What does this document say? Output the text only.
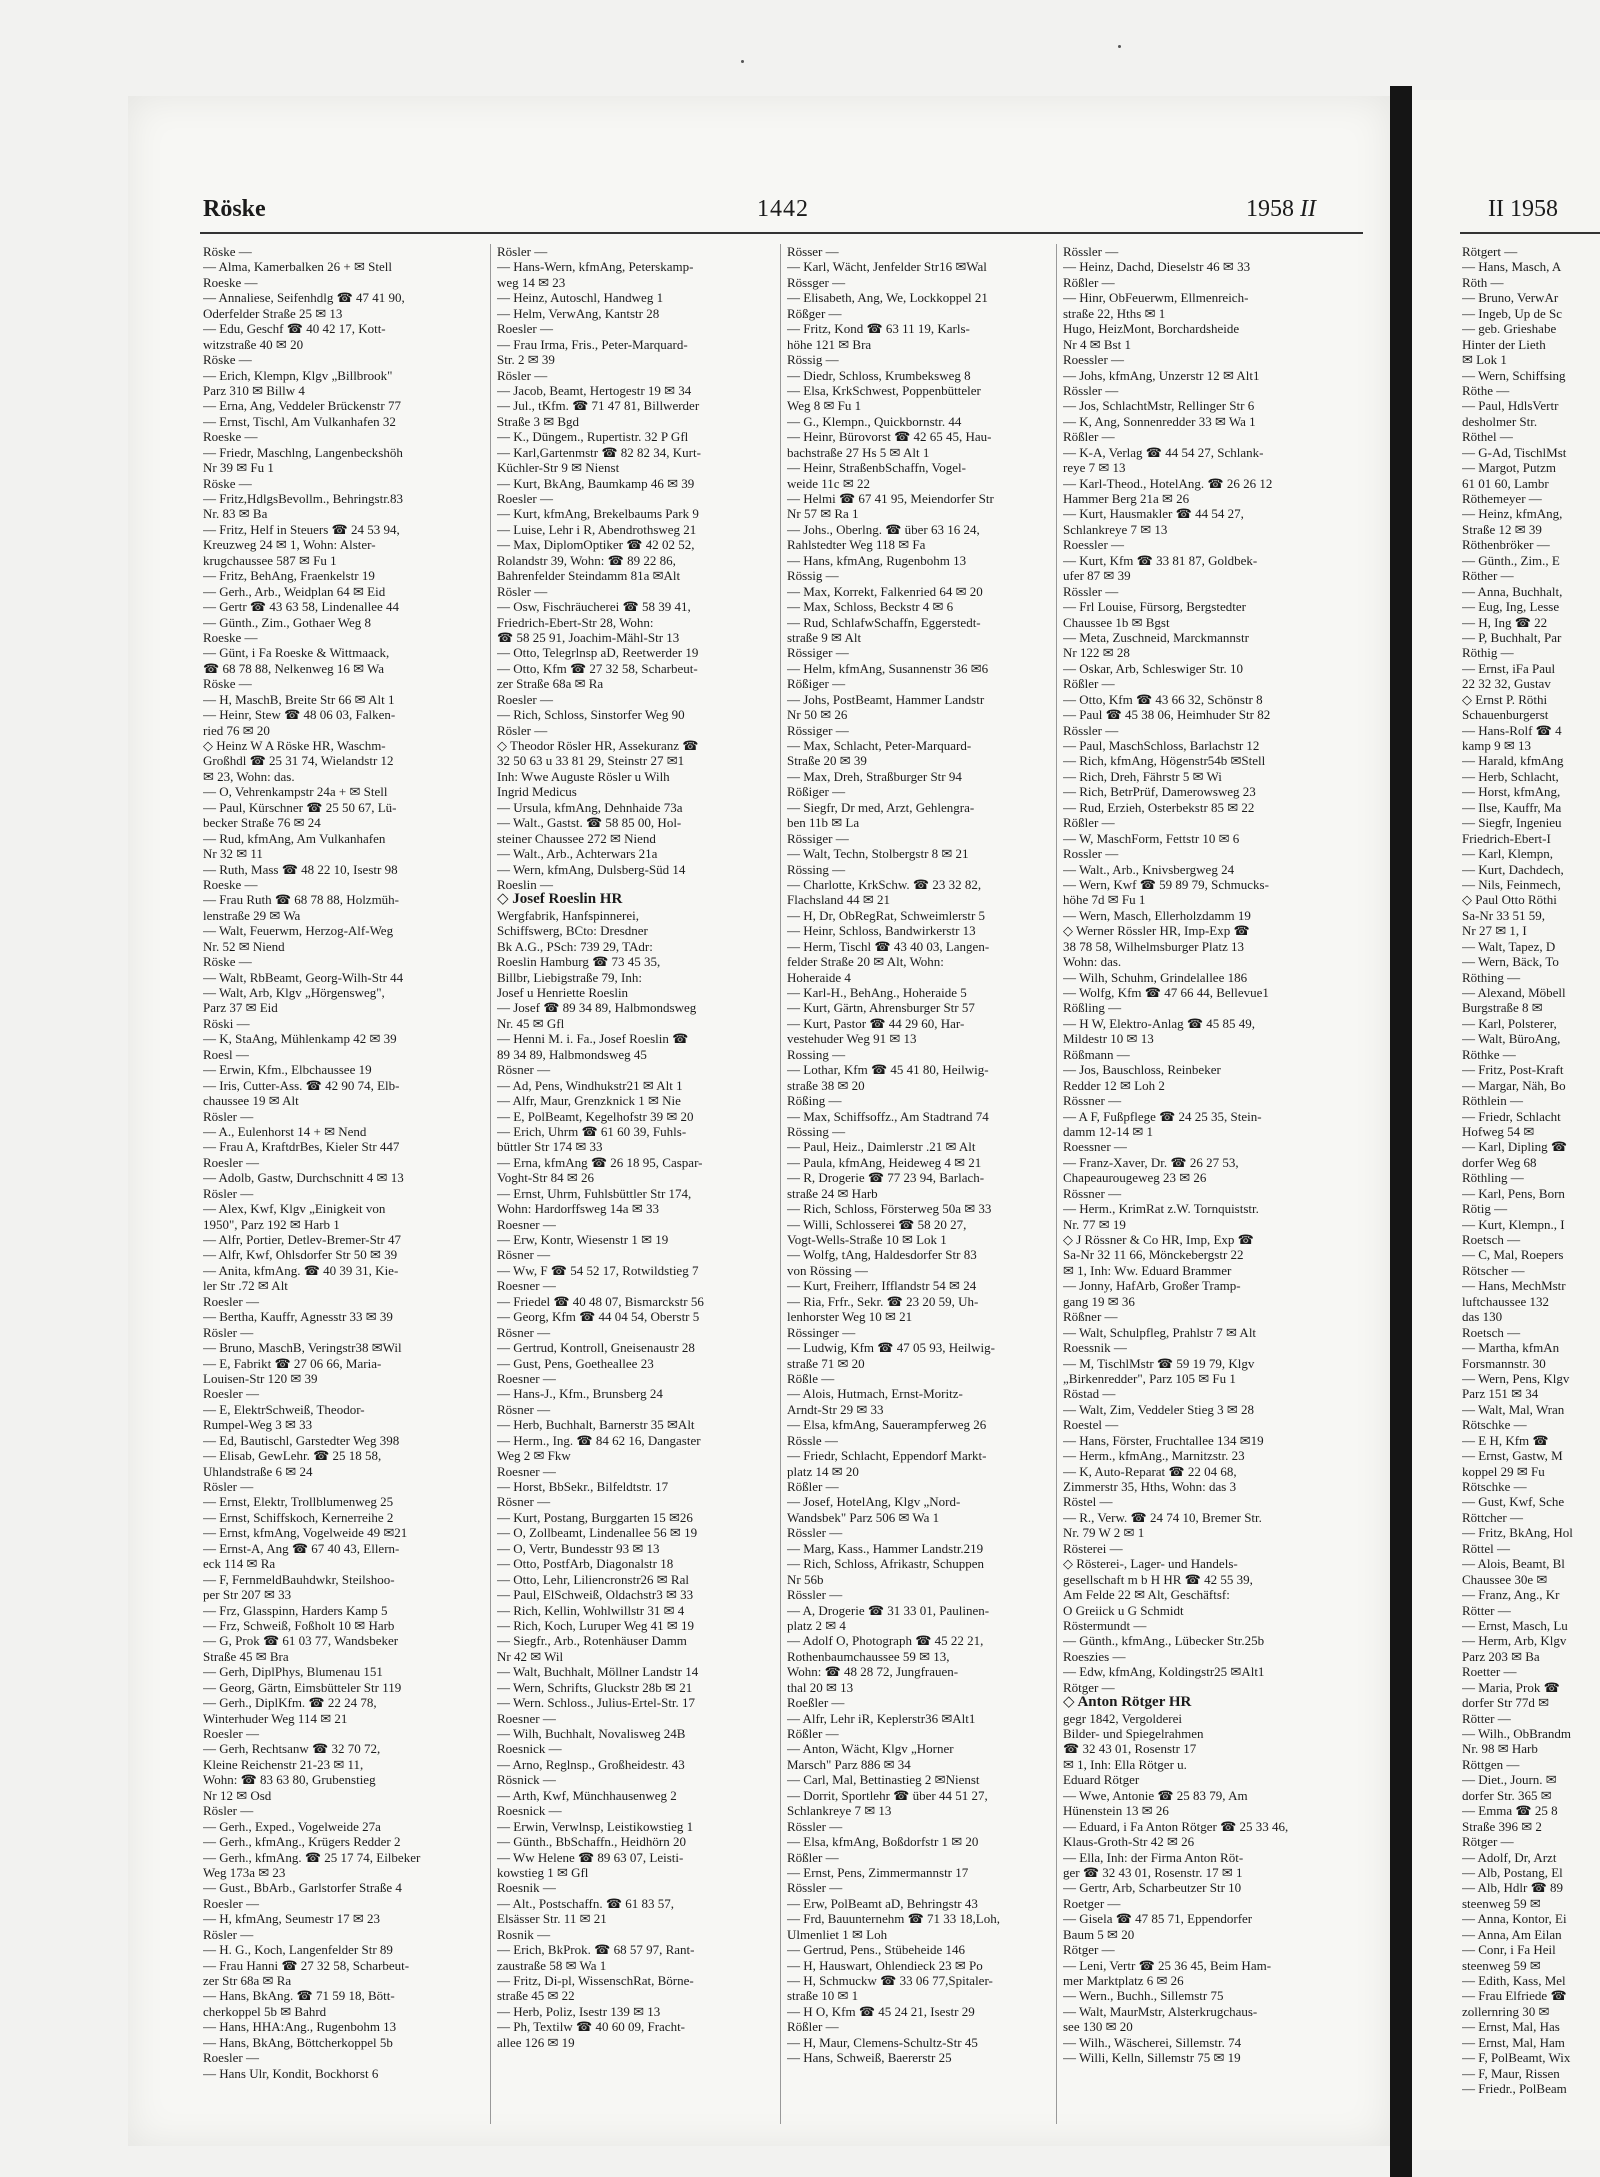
Röske	1442	1958 II	II 1958
Röske —
— Alma, Kamerbalken 26 + ✉ Stell
Roeske —
— Annaliese, Seifenhdlg ☎ 47 41 90,
Oderfelder Straße 25 ✉ 13
— Edu, Geschf ☎ 40 42 17, Kott-
witzstraße 40 ✉ 20
Röske —
— Erich, Klempn, Klgv „Billbrook"
Parz 310 ✉ Billw 4
— Erna, Ang, Veddeler Brückenstr 77
— Ernst, Tischl, Am Vulkanhafen 32
Roeske —
— Friedr, Maschlng, Langenbeckshöh
Nr 39 ✉ Fu 1
Röske —
— Fritz,HdlgsBevollm., Behringstr.83
Nr. 83 ✉ Ba
— Fritz, Helf in Steuers ☎ 24 53 94,
Kreuzweg 24 ✉ 1, Wohn: Alster-
krugchaussee 587 ✉ Fu 1
— Fritz, BehAng, Fraenkelstr 19
— Gerh., Arb., Weidplan 64 ✉ Eid
— Gertr ☎ 43 63 58, Lindenallee 44
— Günth., Zim., Gothaer Weg 8
Roeske —
— Günt, i Fa Roeske & Wittmaack,
☎ 68 78 88, Nelkenweg 16 ✉ Wa
Röske —
— H, MaschB, Breite Str 66 ✉ Alt 1
— Heinr, Stew ☎ 48 06 03, Falken-
ried 76 ✉ 20
◇ Heinz W A Röske HR, Waschm-
Großhdl ☎ 25 31 74, Wielandstr 12
✉ 23, Wohn: das.
— O, Vehrenkampstr 24a + ✉ Stell
— Paul, Kürschner ☎ 25 50 67, Lü-
becker Straße 76 ✉ 24
— Rud, kfmAng, Am Vulkanhafen
Nr 32 ✉ 11
— Ruth, Mass ☎ 48 22 10, Isestr 98
Roeske —
— Frau Ruth ☎ 68 78 88, Holzmüh-
lenstraße 29 ✉ Wa
— Walt, Feuerwm, Herzog-Alf-Weg
Nr. 52 ✉ Niend
Röske —
— Walt, RbBeamt, Georg-Wilh-Str 44
— Walt, Arb, Klgv „Hörgensweg",
Parz 37 ✉ Eid
Röski —
— K, StaAng, Mühlenkamp 42 ✉ 39
Roesl —
— Erwin, Kfm., Elbchaussee 19
— Iris, Cutter-Ass. ☎ 42 90 74, Elb-
chaussee 19 ✉ Alt
Rösler —
— A., Eulenhorst 14 + ✉ Nend
— Frau A, KraftdrBes, Kieler Str 447
Roesler —
— Adolb, Gastw, Durchschnitt 4 ✉ 13
Rösler —
— Alex, Kwf, Klgv „Einigkeit von
1950", Parz 192 ✉ Harb 1
— Alfr, Portier, Detlev-Bremer-Str 47
— Alfr, Kwf, Ohlsdorfer Str 50 ✉ 39
— Anita, kfmAng. ☎ 40 39 31, Kie-
ler Str .72 ✉ Alt
Roesler —
— Bertha, Kauffr, Agnesstr 33 ✉ 39
Rösler —
— Bruno, MaschB, Veringstr38 ✉Wil
— E, Fabrikt ☎ 27 06 66, Maria-
Louisen-Str 120 ✉ 39
Roesler —
— E, ElektrSchweiß, Theodor-
Rumpel-Weg 3 ✉ 33
— Ed, Bautischl, Garstedter Weg 398
— Elisab, GewLehr. ☎ 25 18 58,
Uhlandstraße 6 ✉ 24
Rösler —
— Ernst, Elektr, Trollblumenweg 25
— Ernst, Schiffskoch, Kernerreihe 2
— Ernst, kfmAng, Vogelweide 49 ✉21
— Ernst-A, Ang ☎ 67 40 43, Ellern-
eck 114 ✉ Ra
— F, FernmeldBauhdwkr, Steilshoo-
per Str 207 ✉ 33
— Frz, Glasspinn, Harders Kamp 5
— Frz, Schweiß, Foßholt 10 ✉ Harb
— G, Prok ☎ 61 03 77, Wandsbeker
Straße 45 ✉ Bra
— Gerh, DiplPhys, Blumenau 151
— Georg, Gärtn, Eimsbütteler Str 119
— Gerh., DiplKfm. ☎ 22 24 78,
Winterhuder Weg 114 ✉ 21
Roesler —
— Gerh, Rechtsanw ☎ 32 70 72,
Kleine Reichenstr 21-23 ✉ 11,
Wohn: ☎ 83 63 80, Grubenstieg
Nr 12 ✉ Osd
Rösler —
— Gerh., Exped., Vogelweide 27a
— Gerh., kfmAng., Krügers Redder 2
— Gerh., kfmAng. ☎ 25 17 74, Eilbeker
Weg 173a ✉ 23
— Gust., BbArb., Garlstorfer Straße 4
Roesler —
— H, kfmAng, Seumestr 17 ✉ 23
Rösler —
— H. G., Koch, Langenfelder Str 89
— Frau Hanni ☎ 27 32 58, Scharbeut-
zer Str 68a ✉ Ra
— Hans, BkAng. ☎ 71 59 18, Bött-
cherkoppel 5b ✉ Bahrd
— Hans, HHA:Ang., Rugenbohm 13
— Hans, BkAng, Böttcherkoppel 5b
Roesler —
— Hans Ulr, Kondit, Bockhorst 6
Rösler —
— Hans-Wern, kfmAng, Peterskamp-
weg 14 ✉ 23
— Heinz, Autoschl, Handweg 1
— Helm, VerwAng, Kantstr 28
Roesler —
— Frau Irma, Fris., Peter-Marquard-
Str. 2 ✉ 39
Rösler —
— Jacob, Beamt, Hertogestr 19 ✉ 34
— Jul., tKfm. ☎ 71 47 81, Billwerder
Straße 3 ✉ Bgd
— K., Düngem., Rupertistr. 32 P Gfl
— Karl,Gartenmstr ☎ 82 82 34, Kurt-
Küchler-Str 9 ✉ Nienst
— Kurt, BkAng, Baumkamp 46 ✉ 39
Roesler —
— Kurt, kfmAng, Brekelbaums Park 9
— Luise, Lehr i R, Abendrothsweg 21
— Max, DiplomOptiker ☎ 42 02 52,
Rolandstr 39, Wohn: ☎ 89 22 86,
Bahrenfelder Steindamm 81a ✉Alt
Rösler —
— Osw, Fischräucherei ☎ 58 39 41,
Friedrich-Ebert-Str 28, Wohn:
☎ 58 25 91, Joachim-Mähl-Str 13
— Otto, Telegrlnsp aD, Reetwerder 19
— Otto, Kfm ☎ 27 32 58, Scharbeut-
zer Straße 68a ✉ Ra
Roesler —
— Rich, Schloss, Sinstorfer Weg 90
Rösler —
◇ Theodor Rösler HR, Assekuranz ☎
32 50 63 u 33 81 29, Steinstr 27 ✉1
Inh: Wwe Auguste Rösler u Wilh
Ingrid Medicus
— Ursula, kfmAng, Dehnhaide 73a
— Walt., Gastst. ☎ 58 85 00, Hol-
steiner Chaussee 272 ✉ Niend
— Walt., Arb., Achterwars 21a
— Wern, kfmAng, Dulsberg-Süd 14
Roeslin —
◇ Josef Roeslin HR
Wergfabrik, Hanfspinnerei,
Schiffswerg, BCto: Dresdner
Bk A.G., PSch: 739 29, TAdr:
Roeslin Hamburg ☎ 73 45 35,
Billbr, Liebigstraße 79, Inh:
Josef u Henriette Roeslin
— Josef ☎ 89 34 89, Halbmondsweg
Nr. 45 ✉ Gfl
— Henni M. i. Fa., Josef Roeslin ☎
89 34 89, Halbmondsweg 45
Rösner —
— Ad, Pens, Windhukstr21 ✉ Alt 1
— Alfr, Maur, Grenzknick 1 ✉ Nie
— E, PolBeamt, Kegelhofstr 39 ✉ 20
— Erich, Uhrm ☎ 61 60 39, Fuhls-
büttler Str 174 ✉ 33
— Erna, kfmAng ☎ 26 18 95, Caspar-
Voght-Str 84 ✉ 26
— Ernst, Uhrm, Fuhlsbüttler Str 174,
Wohn: Hardorffsweg 14a ✉ 33
Roesner —
— Erw, Kontr, Wiesenstr 1 ✉ 19
Rösner —
— Ww, F ☎ 54 52 17, Rotwildstieg 7
Roesner —
— Friedel ☎ 40 48 07, Bismarckstr 56
— Georg, Kfm ☎ 44 04 54, Oberstr 5
Rösner —
— Gertrud, Kontroll, Gneisenaustr 28
— Gust, Pens, Goetheallee 23
Roesner —
— Hans-J., Kfm., Brunsberg 24
Rösner —
— Herb, Buchhalt, Barnerstr 35 ✉Alt
— Herm., Ing. ☎ 84 62 16, Dangaster
Weg 2 ✉ Fkw
Roesner —
— Horst, BbSekr., Bilfeldtstr. 17
Rösner —
— Kurt, Postang, Burggarten 15 ✉26
— O, Zollbeamt, Lindenallee 56 ✉ 19
— O, Vertr, Bundesstr 93 ✉ 13
— Otto, PostfArb, Diagonalstr 18
— Otto, Lehr, Liliencronstr26 ✉ Ral
— Paul, ElSchweiß, Oldachstr3 ✉ 33
— Rich, Kellin, Wohlwillstr 31 ✉ 4
— Rich, Koch, Luruper Weg 41 ✉ 19
— Siegfr., Arb., Rotenhäuser Damm
Nr 42 ✉ Wil
— Walt, Buchhalt, Möllner Landstr 14
— Wern, Schrifts, Gluckstr 28b ✉ 21
— Wern. Schloss., Julius-Ertel-Str. 17
Roesner —
— Wilh, Buchhalt, Novalisweg 24B
Roesnick —
— Arno, Reglnsp., Großheidestr. 43
Rösnick —
— Arth, Kwf, Münchhausenweg 2
Roesnick —
— Erwin, Verwlnsp, Leistikowstieg 1
— Günth., BbSchaffn., Heidhörn 20
— Ww Helene ☎ 89 63 07, Leisti-
kowstieg 1 ✉ Gfl
Roesnik —
— Alt., Postschaffn. ☎ 61 83 57,
Elsässer Str. 11 ✉ 21
Rosnik —
— Erich, BkProk. ☎ 68 57 97, Rant-
zaustraße 58 ✉ Wa 1
— Fritz, Di-pl, WissenschRat, Börne-
straße 45 ✉ 22
— Herb, Poliz, Isestr 139 ✉ 13
— Ph, Textilw ☎ 40 60 09, Fracht-
allee 126 ✉ 19
Rösser —
— Karl, Wächt, Jenfelder Str16 ✉Wal
Rössger —
— Elisabeth, Ang, We, Lockkoppel 21
Rößger —
— Fritz, Kond ☎ 63 11 19, Karls-
höhe 121 ✉ Bra
Rössig —
— Diedr, Schloss, Krumbeksweg 8
— Elsa, KrkSchwest, Poppenbütteler
Weg 8 ✉ Fu 1
— G., Klempn., Quickbornstr. 44
— Heinr, Bürovorst ☎ 42 65 45, Hau-
bachstraße 27 Hs 5 ✉ Alt 1
— Heinr, StraßenbSchaffn, Vogel-
weide 11c ✉ 22
— Helmi ☎ 67 41 95, Meiendorfer Str
Nr 57 ✉ Ra 1
— Johs., Oberlng. ☎ über 63 16 24,
Rahlstedter Weg 118 ✉ Fa
— Hans, kfmAng, Rugenbohm 13
Rössig —
— Max, Korrekt, Falkenried 64 ✉ 20
— Max, Schloss, Beckstr 4 ✉ 6
— Rud, SchlafwSchaffn, Eggerstedt-
straße 9 ✉ Alt
Rössiger —
— Helm, kfmAng, Susannenstr 36 ✉6
Rößiger —
— Johs, PostBeamt, Hammer Landstr
Nr 50 ✉ 26
Rössiger —
— Max, Schlacht, Peter-Marquard-
Straße 20 ✉ 39
— Max, Dreh, Straßburger Str 94
Rößiger —
— Siegfr, Dr med, Arzt, Gehlengra-
ben 11b ✉ La
Rössiger —
— Walt, Techn, Stolbergstr 8 ✉ 21
Rössing —
— Charlotte, KrkSchw. ☎ 23 32 82,
Flachsland 44 ✉ 21
— H, Dr, ObRegRat, Schweimlerstr 5
— Heinr, Schloss, Bandwirkerstr 13
— Herm, Tischl ☎ 43 40 03, Langen-
felder Straße 20 ✉ Alt, Wohn:
Hoheraide 4
— Karl-H., BehAng., Hoheraide 5
— Kurt, Gärtn, Ahrensburger Str 57
— Kurt, Pastor ☎ 44 29 60, Har-
vestehuder Weg 91 ✉ 13
Rossing —
— Lothar, Kfm ☎ 45 41 80, Heilwig-
straße 38 ✉ 20
Rößing —
— Max, Schiffsoffz., Am Stadtrand 74
Rössing —
— Paul, Heiz., Daimlerstr .21 ✉ Alt
— Paula, kfmAng, Heideweg 4 ✉ 21
— R, Drogerie ☎ 77 23 94, Barlach-
straße 24 ✉ Harb
— Rich, Schloss, Försterweg 50a ✉ 33
— Willi, Schlosserei ☎ 58 20 27,
Vogt-Wells-Straße 10 ✉ Lok 1
— Wolfg, tAng, Haldesdorfer Str 83
von Rössing —
— Kurt, Freiherr, Ifflandstr 54 ✉ 24
— Ria, Frfr., Sekr. ☎ 23 20 59, Uh-
lenhorster Weg 10 ✉ 21
Rössinger —
— Ludwig, Kfm ☎ 47 05 93, Heilwig-
straße 71 ✉ 20
Rößle —
— Alois, Hutmach, Ernst-Moritz-
Arndt-Str 29 ✉ 33
— Elsa, kfmAng, Sauerampferweg 26
Rössle —
— Friedr, Schlacht, Eppendorf Markt-
platz 14 ✉ 20
Rößler —
— Josef, HotelAng, Klgv „Nord-
Wandsbek" Parz 506 ✉ Wa 1
Rössler —
— Marg, Kass., Hammer Landstr.219
— Rich, Schloss, Afrikastr, Schuppen
Nr 56b
Rössler —
— A, Drogerie ☎ 31 33 01, Paulinen-
platz 2 ✉ 4
— Adolf O, Photograph ☎ 45 22 21,
Rothenbaumchaussee 59 ✉ 13,
Wohn: ☎ 48 28 72, Jungfrauen-
thal 20 ✉ 13
Roeßler —
— Alfr, Lehr iR, Keplerstr36 ✉Alt1
Rößler —
— Anton, Wächt, Klgv „Horner
Marsch" Parz 886 ✉ 34
— Carl, Mal, Bettinastieg 2 ✉Nienst
— Dorrit, Sportlehr ☎ über 44 51 27,
Schlankreye 7 ✉ 13
Rössler —
— Elsa, kfmAng, Boßdorfstr 1 ✉ 20
Rößler —
— Ernst, Pens, Zimmermannstr 17
Rössler —
— Erw, PolBeamt aD, Behringstr 43
— Frd, Bauunternehm ☎ 71 33 18,Loh,
Ulmenliet 1 ✉ Loh
— Gertrud, Pens., Stübeheide 146
— H, Hauswart, Ohlendieck 23 ✉ Po
— H, Schmuckw ☎ 33 06 77,Spitaler-
straße 10 ✉ 1
— H O, Kfm ☎ 45 24 21, Isestr 29
Rößler —
— H, Maur, Clemens-Schultz-Str 45
— Hans, Schweiß, Baererstr 25
Rössler —
— Heinz, Dachd, Dieselstr 46 ✉ 33
Rößler —
— Hinr, ObFeuerwm, Ellmenreich-
straße 22, Hths ✉ 1
Hugo, HeizMont, Borchardsheide
Nr 4 ✉ Bst 1
Roessler —
— Johs, kfmAng, Unzerstr 12 ✉ Alt1
Rössler —
— Jos, SchlachtMstr, Rellinger Str 6
— K, Ang, Sonnenredder 33 ✉ Wa 1
Rößler —
— K-A, Verlag ☎ 44 54 27, Schlank-
reye 7 ✉ 13
— Karl-Theod., HotelAng. ☎ 26 26 12
Hammer Berg 21a ✉ 26
— Kurt, Hausmakler ☎ 44 54 27,
Schlankreye 7 ✉ 13
Roessler —
— Kurt, Kfm ☎ 33 81 87, Goldbek-
ufer 87 ✉ 39
Rössler —
— Frl Louise, Fürsorg, Bergstedter
Chaussee 1b ✉ Bgst
— Meta, Zuschneid, Marckmannstr
Nr 122 ✉ 28
— Oskar, Arb, Schleswiger Str. 10
Rößler —
— Otto, Kfm ☎ 43 66 32, Schönstr 8
— Paul ☎ 45 38 06, Heimhuder Str 82
Rössler —
— Paul, MaschSchloss, Barlachstr 12
— Rich, kfmAng, Högenstr54b ✉Stell
— Rich, Dreh, Fährstr 5 ✉ Wi
— Rich, BetrPrüf, Damerowsweg 23
— Rud, Erzieh, Osterbekstr 85 ✉ 22
Rößler —
— W, MaschForm, Fettstr 10 ✉ 6
Rossler —
— Walt., Arb., Knivsbergweg 24
— Wern, Kwf ☎ 59 89 79, Schmucks-
höhe 7d ✉ Fu 1
— Wern, Masch, Ellerholzdamm 19
◇ Werner Rössler HR, Imp-Exp ☎
38 78 58, Wilhelmsburger Platz 13
Wohn: das.
— Wilh, Schuhm, Grindelallee 186
— Wolfg, Kfm ☎ 47 66 44, Bellevue1
Rößling —
— H W, Elektro-Anlag ☎ 45 85 49,
Mildestr 10 ✉ 13
Rößmann —
— Jos, Bauschloss, Reinbeker
Redder 12 ✉ Loh 2
Rössner —
— A F, Fußpflege ☎ 24 25 35, Stein-
damm 12-14 ✉ 1
Roessner —
— Franz-Xaver, Dr. ☎ 26 27 53,
Chapeaurougeweg 23 ✉ 26
Rössner —
— Herm., KrimRat z.W. Tornquiststr.
Nr. 77 ✉ 19
◇ J Rössner & Co HR, Imp, Exp ☎
Sa-Nr 32 11 66, Mönckebergstr 22
✉ 1, Inh: Ww. Eduard Brammer
— Jonny, HafArb, Großer Tramp-
gang 19 ✉ 36
Rößner —
— Walt, Schulpfleg, Prahlstr 7 ✉ Alt
Roessnik —
— M, TischlMstr ☎ 59 19 79, Klgv
„Birkenredder", Parz 105 ✉ Fu 1
Röstad —
— Walt, Zim, Veddeler Stieg 3 ✉ 28
Roestel —
— Hans, Förster, Fruchtallee 134 ✉19
— Herm., kfmAng., Marnitzstr. 23
— K, Auto-Reparat ☎ 22 04 68,
Zimmerstr 35, Hths, Wohn: das 3
Röstel —
— R., Verw. ☎ 24 74 10, Bremer Str.
Nr. 79 W 2 ✉ 1
Rösterei —
◇ Rösterei-, Lager- und Handels-
gesellschaft m b H HR ☎ 42 55 39,
Am Felde 22 ✉ Alt, Geschäftsf:
O Greiick u G Schmidt
Röstermundt —
— Günth., kfmAng., Lübecker Str.25b
Roeszies —
— Edw, kfmAng, Koldingstr25 ✉Alt1
Rötger —
◇ Anton Rötger HR
gegr 1842, Vergolderei
Bilder- und Spiegelrahmen
☎ 32 43 01, Rosenstr 17
✉ 1, Inh: Ella Rötger u.
Eduard Rötger
— Wwe, Antonie ☎ 25 83 79, Am
Hünenstein 13 ✉ 26
— Eduard, i Fa Anton Rötger ☎ 25 33 46,
Klaus-Groth-Str 42 ✉ 26
— Ella, Inh: der Firma Anton Röt-
ger ☎ 32 43 01, Rosenstr. 17 ✉ 1
— Gertr, Arb, Scharbeutzer Str 10
Roetger —
— Gisela ☎ 47 85 71, Eppendorfer
Baum 5 ✉ 20
Rötger —
— Leni, Vertr ☎ 25 36 45, Beim Ham-
mer Marktplatz 6 ✉ 26
— Wern., Buchh., Sillemstr 75
— Walt, MaurMstr, Alsterkrugchaus-
see 130 ✉ 20
— Wilh., Wäscherei, Sillemstr. 74
— Willi, Kelln, Sillemstr 75 ✉ 19
Rötgert —
— Hans, Masch, A
Röth —
— Bruno, VerwAr
— Ingeb, Up de Sc
— geb. Grieshabe
Hinter der Lieth
✉ Lok 1
— Wern, Schiffsing
Röthe —
— Paul, HdlsVertr
desholmer Str.
Röthel —
— G-Ad, TischlMst
— Margot, Putzm
61 01 60, Lambr
Röthemeyer —
— Heinz, kfmAng,
Straße 12 ✉ 39
Röthenbröker —
— Günth., Zim., E
Röther —
— Anna, Buchhalt,
— Eug, Ing, Lesse
— H, Ing ☎ 22
— P, Buchhalt, Par
Röthig —
— Ernst, iFa Paul
22 32 32, Gustav
◇ Ernst P. Röthi
Schauenburgerst
— Hans-Rolf ☎ 4
kamp 9 ✉ 13
— Harald, kfmAng
— Herb, Schlacht,
— Horst, kfmAng,
— Ilse, Kauffr, Ma
— Siegfr, Ingenieu
Friedrich-Ebert-I
— Karl, Klempn,
— Kurt, Dachdech,
— Nils, Feinmech,
◇ Paul Otto Röthi
Sa-Nr 33 51 59,
Nr 27 ✉ 1, I
— Walt, Tapez, D
— Wern, Bäck, To
Röthing —
— Alexand, Möbell
Burgstraße 8 ✉
— Karl, Polsterer,
— Walt, BüroAng,
Röthke —
— Fritz, Post-Kraft
— Margar, Näh, Bo
Röthlein —
— Friedr, Schlacht
Hofweg 54 ✉
— Karl, Dipling ☎
dorfer Weg 68
Röthling —
— Karl, Pens, Born
Rötig —
— Kurt, Klempn., I
Roetsch —
— C, Mal, Roepers
Rötscher —
— Hans, MechMstr
luftchaussee 132
das 130
Roetsch —
— Martha, kfmAn
Forsmannstr. 30
— Wern, Pens, Klgv
Parz 151 ✉ 34
— Walt, Mal, Wran
Rötschke —
— E H, Kfm ☎
— Ernst, Gastw, M
koppel 29 ✉ Fu
Rötschke —
— Gust, Kwf, Sche
Röttcher —
— Fritz, BkAng, Hol
Röttel —
— Alois, Beamt, Bl
Chaussee 30e ✉
— Franz, Ang., Kr
Rötter —
— Ernst, Masch, Lu
— Herm, Arb, Klgv
Parz 203 ✉ Ba
Roetter —
— Maria, Prok ☎
dorfer Str 77d ✉
Rötter —
— Wilh., ObBrandm
Nr. 98 ✉ Harb
Röttgen —
— Diet., Journ. ✉
dorfer Str. 365 ✉
— Emma ☎ 25 8
Straße 396 ✉ 2
Rötger —
— Adolf, Dr, Arzt
— Alb, Postang, El
— Alb, Hdlr ☎ 89
steenweg 59 ✉
— Anna, Kontor, Ei
— Anna, Am Eilan
— Conr, i Fa Heil
steenweg 59 ✉
— Edith, Kass, Mel
— Frau Elfriede ☎
zollernring 30 ✉
— Ernst, Mal, Has
— Ernst, Mal, Ham
— F, PolBeamt, Wix
— F, Maur, Rissen
— Friedr., PolBeam
